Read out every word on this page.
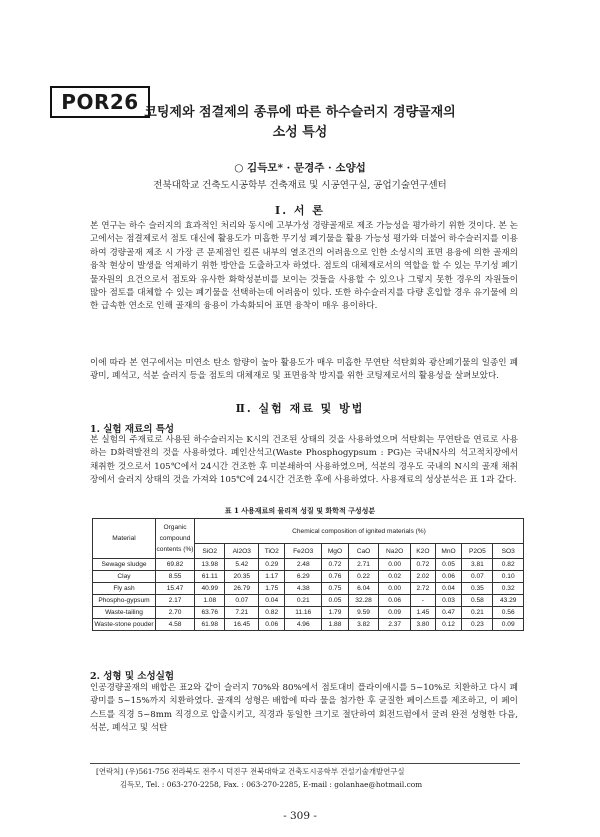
POR26 코팅제와 점결제의 종류에 따른 하수슬러지 경량골재의
소성 특성
○ 김득모* · 문경주 · 소양섭
전북대학교 건축도시공학부 건축재료 및 시공연구실, 공업기술연구센터
Ⅰ. 서 론

본 연구는 하수 슬러지의 효과적인 처리와 동시에 고부가성 경량골재로 제조 가능성을 평가하기 위한 것이다. 본 논고에서는 점결제로서 점토 대신에 활용도가 미흡한 무기성 폐기물을 활용 가능성 평가와 더불어 하수슬러지를 이용하여 경량골재 제조 시 가장 큰 문제점인 킬른 내부의 열조건의 어려움으로 인한 소성시의 표면 용융에 의한 골재의 융착 현상이 발생을 억제하기 위한 방안을 도출하고자 하였다. 점토의 대체재로서의 역할을 할 수 있는 무기성 폐기물자원의 요건으로서 점토와 유사한 화학성분비를 보이는 것들을 사용할 수 있으나 그렇지 못한 경우의 자원들이 많아 점토를 대체할 수 있는 폐기물을 선택하는데 어려움이 있다. 또한 하수슬러지를 다량 혼입할 경우 유기물에 의한 급속한 연소로 인해 골재의 융용이 가속화되어 표면 융착이 매우 용이하다.

이에 따라 본 연구에서는 미연소 탄소 함량이 높아 활용도가 매우 미흡한 무연탄 석탄회와 광산폐기물의 일종인 폐광미, 폐석고, 석분 슬러지 등을 점토의 대체재로 및 표면융착 방지를 위한 코팅제로서의 활용성을 살펴보았다.

Ⅱ. 실험 재료 및 방법
1. 실험 재료의 특성

본 실험의 주재료로 사용된 하수슬러지는 K시의 건조된 상태의 것을 사용하였으며 석탄회는 무연탄을 연료로 사용하는 D화력발전의 것을 사용하였다. 폐인산석고(Waste Phosphogypsum : PG)는 국내N사의 석고적치장에서 채취한 것으로서 105℃에서 24시간 건조한 후 미분쇄하여 사용하였으며, 석분의 경우도 국내의 N시의 골재 채취장에서 슬러지 상태의 것을 가져와 105℃에 24시간 건조한 후에 사용하였다. 사용재료의 성상분석은 표 1과 같다.

표 1 사용재료의 물리적 성질 및 화학적 구성성분
Material	Organic compound contents (%)	Chemical composition of ignited materials (%)										
		SiO2	Al2O3	TiO2	Fe2O3	MgO	CaO	Na2O	K2O	MnO	P2O5	SO3
Sewage sludge	69.82	13.98	5.42	0.29	2.48	0.72	2.71	0.00	0.72	0.05	3.81	0.82
Clay	8.55	61.11	20.35	1.17	6.29	0.76	0.22	0.02	2.02	0.06	0.07	0.10
Fly ash	15.47	40.99	26.79	1.75	4.38	0.75	6.04	0.00	2.72	0.04	0.35	0.32
Phospho-gypsum	2.17	1.08	0.07	0.04	0.21	0.05	32.28	0.06	-	0.03	0.58	43.29
Waste-tailing	2.70	63.76	7.21	0.82	11.16	1.79	9.59	0.09	1.45	0.47	0.21	0.56
Waste-stone pouder	4.58	61.98	16.45	0.06	4.96	1.88	3.82	2.37	3.80	0.12	0.23	0.09
2. 성형 및 소성실험

인공경량골재의 배합은 표2와 같이 슬러지 70%와 80%에서 점토대비 플라이애시를 5~10%로 치환하고 다시 폐광미를 5~15%까지 치환하였다. 골재의 성형은 배합에 따라 물을 첨가한 후 균질한 페이스트를 제조하고, 이 페이스트를 직경 5~8mm 직경으로 압출시키고, 직경과 동일한 크기로 절단하여 회전드럼에서 굴려 완전 성형한 다음, 석분, 폐석고 및 석탄

[연락처] (우)561-756 전라북도 전주시 덕진구 전북대학교 건축도시공학부 건설기술개발연구실
김득모, Tel. : 063-270-2258, Fax. : 063-270-2285, E-mail : golanhae@hotmail.com
- 309 -
